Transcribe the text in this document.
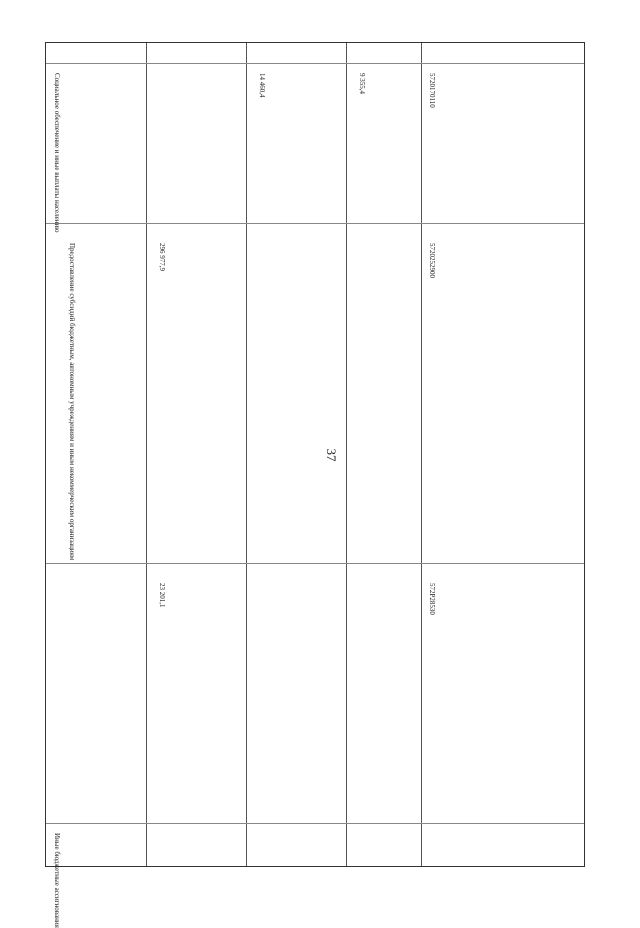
37
Социальное обеспечение и иные выплаты населению
Предоставление субсидий бюджетным, автономным учреждениям и иным некоммерческим организациям
Иные бюджетные ассигнования
5720170110
5720252900
572P28530
9 355,4
14 460,4
296 977,9
23 201,1
